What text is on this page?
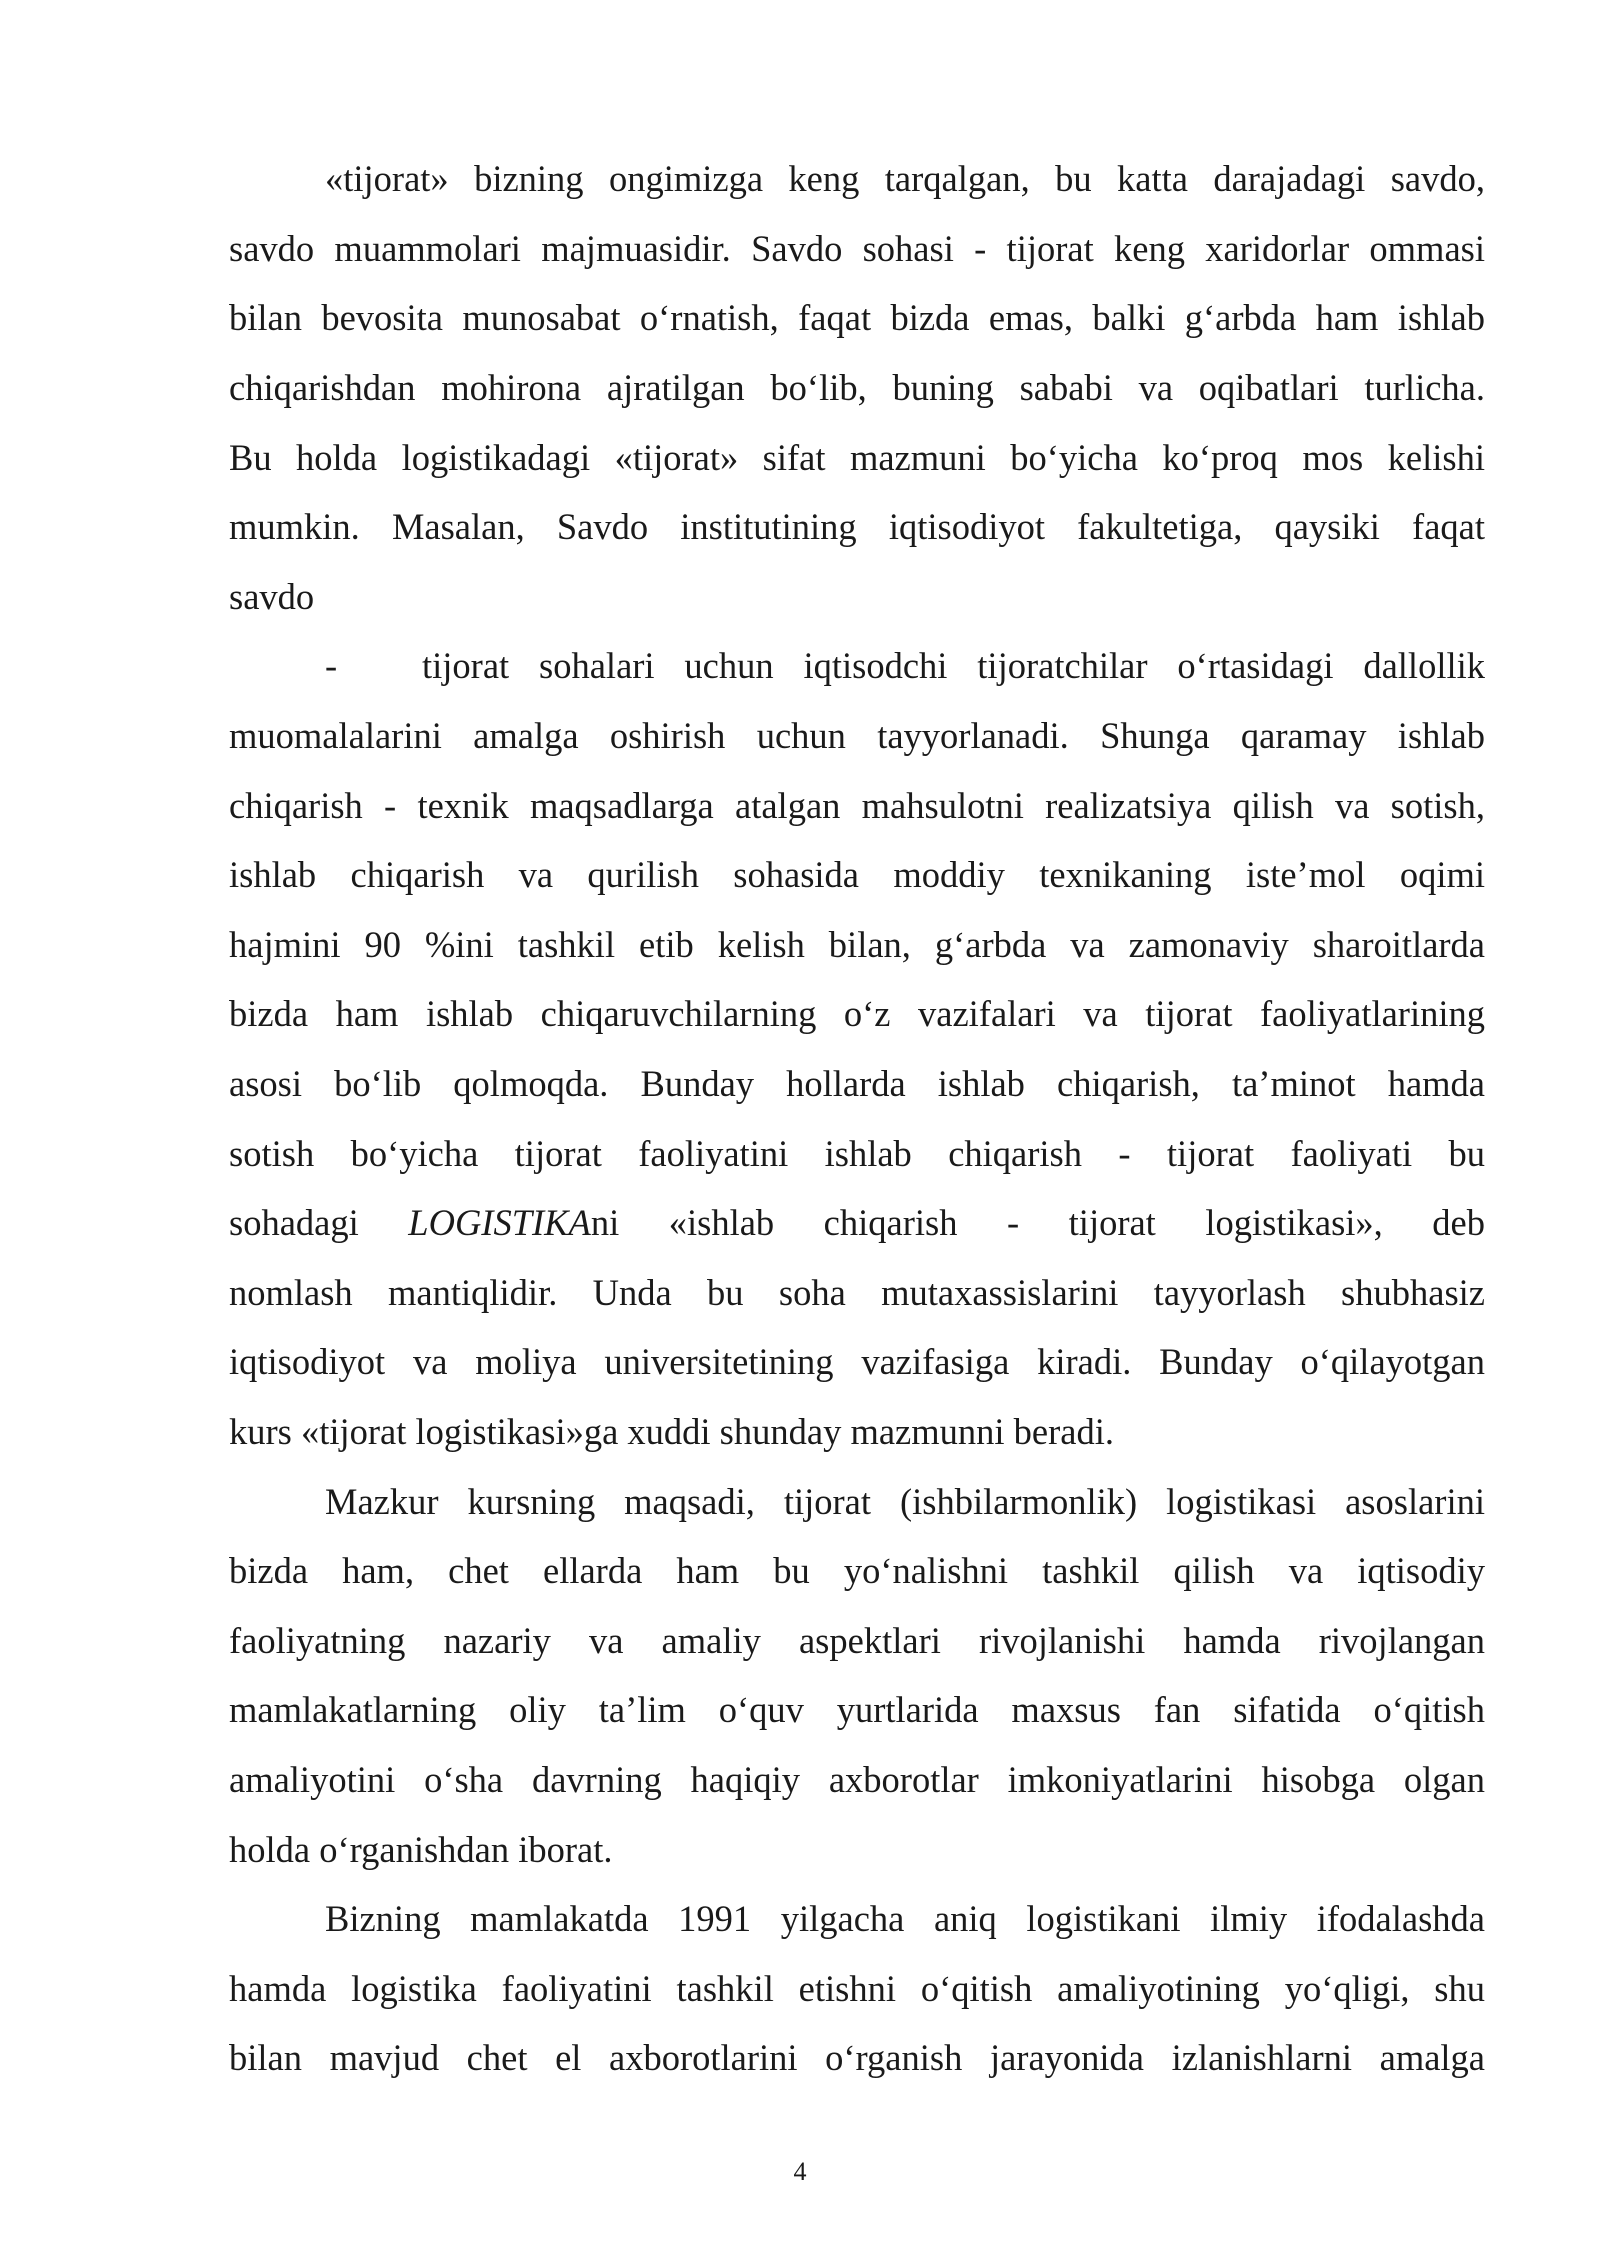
«tijorat» bizning ongimizga keng tarqalgan, bu katta darajadagi savdo,
savdo muammolari majmuasidir. Savdo sohasi - tijorat keng xaridorlar ommasi
bilan bevosita munosabat o‘rnatish, faqat bizda emas, balki g‘arbda ham ishlab
chiqarishdan mohirona ajratilgan bo‘lib, buning sababi va oqibatlari turlicha.
Bu holda logistikadagi «tijorat» sifat mazmuni bo‘yicha ko‘proq mos kelishi
mumkin. Masalan, Savdo institutining iqtisodiyot fakultetiga, qaysiki faqat
savdo
- tijorat sohalari uchun iqtisodchi tijoratchilar o‘rtasidagi dallollik
muomalalarini amalga oshirish uchun tayyorlanadi. Shunga qaramay ishlab
chiqarish - texnik maqsadlarga atalgan mahsulotni realizatsiya qilish va sotish,
ishlab chiqarish va qurilish sohasida moddiy texnikaning iste’mol oqimi
hajmini 90 %ini tashkil etib kelish bilan, g‘arbda va zamonaviy sharoitlarda
bizda ham ishlab chiqaruvchilarning o‘z vazifalari va tijorat faoliyatlarining
asosi bo‘lib qolmoqda. Bunday hollarda ishlab chiqarish, ta’minot hamda
sotish bo‘yicha tijorat faoliyatini ishlab chiqarish - tijorat faoliyati bu
sohadagi LOGISTIKAni «ishlab chiqarish - tijorat logistikasi», deb
nomlash mantiqlidir. Unda bu soha mutaxassislarini tayyorlash shubhasiz
iqtisodiyot va moliya universitetining vazifasiga kiradi. Bunday o‘qilayotgan
kurs «tijorat logistikasi»ga xuddi shunday mazmunni beradi.
Mazkur kursning maqsadi, tijorat (ishbilarmonlik) logistikasi asoslarini
bizda ham, chet ellarda ham bu yo‘nalishni tashkil qilish va iqtisodiy
faoliyatning nazariy va amaliy aspektlari rivojlanishi hamda rivojlangan
mamlakatlarning oliy ta’lim o‘quv yurtlarida maxsus fan sifatida o‘qitish
amaliyotini o‘sha davrning haqiqiy axborotlar imkoniyatlarini hisobga olgan
holda o‘rganishdan iborat.
Bizning mamlakatda 1991 yilgacha aniq logistikani ilmiy ifodalashda
hamda logistika faoliyatini tashkil etishni o‘qitish amaliyotining yo‘qligi, shu
bilan mavjud chet el axborotlarini o‘rganish jarayonida izlanishlarni amalga
4
